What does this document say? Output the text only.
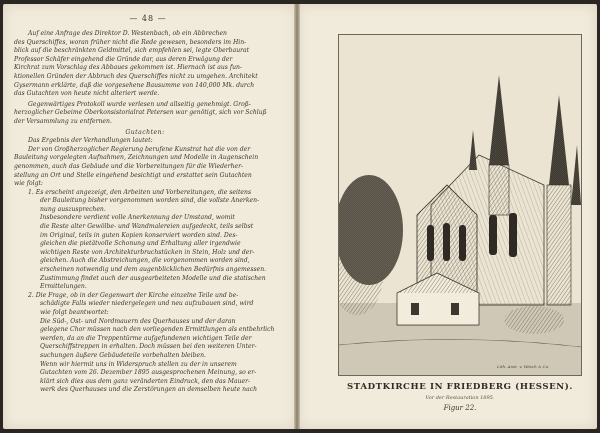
— 48 —
Auf eine Anfrage des Direktor D. Westenbach, ob ein Abbrechen
des Querschiffes, woran früher nicht die Rede gewesen, besonders im Hin-
blick auf die beschränkten Geldmittel, sich empfehlen sei, legte Oberbaurat
Professor Schäfer eingehend die Gründe dar, aus deren Erwägung der
Kirchrat zum Vorschlag des Abbaues gekommen ist. Hiernach ist aus fun-
ktionellen Gründen der Abbruch des Querschiffes nicht zu umgehen. Architekt
Gysermann erklärte, daß die vorgesehene Bausumme von 140,000 Mk. durch
das Gutachten von heute nicht alteriert werde.
Gegenwärtiges Protokoll wurde verlesen und allseitig genehmigt. Groß-
herzoglicher Gebeime Oberkonsistorialrat Petersen war genötigt, sich vor Schluß
der Versammlung zu entfernen.
Gutachten:
Das Ergebnis der Verhandlungen lautet:
Der von Großherzoglicher Regierung berufene Kunstrat hat die von der
Bauleitung vorgelegten Aufnahmen, Zeichnungen und Modelle in Augenschein
genommen, auch das Gebäude und die Vorbereitungen für die Wiederher-
stellung an Ort und Stelle eingehend besichtigt und erstattet sein Gutachten
wie folgt:
1. Es erscheint angezeigt, den Arbeiten und Vorbereitungen, die seitens
der Bauleitung bisher vorgenommen worden sind, die vollste Anerken-
nung auszusprechen.
Insbesondere verdient volle Anerkennung der Umstand, womit
die Reste alter Gewölbe- und Wandmalereien aufgedeckt, teils selbst
im Original, teils in guten Kopien konserviert worden sind. Des-
gleichen die pietätvolle Schonung und Erhaltung aller irgendwie
wichtigen Reste von Architekturbruchstücken in Stein, Holz und der-
gleichen. Auch die Abstreichungen, die vorgenommen worden sind,
erscheinen notwendig und dem augenblicklichen Bedürfnis angemessen.
Zustimmung findet auch der ausgearbeiteten Modelle und die statischen
Ermittelungen.
2. Die Frage, ob in der Gegenwart der Kirche einzelne Teile und be-
schädigte Falls wieder niedergelegen und neu aufzubauen sind, wird
wie folgt beantwortet:
Die Süd-, Ost- und Nordmauern des Querhauses und der daran
gelegene Chor müssen nach den vorliegenden Ermittlungen als entbehrlich
werden, da an die Treppentürme aufgefundenen wichtigen Teile der
Querschiffstreppen in erhalten. Doch müssen bei den weiteren Unter-
suchungen äußere Gebäudeteile vorbehalten bleiben.
Wenn wir hiermit uns in Widerspruch stellen zu der in unserem
Gutachten vom 26. Dezember 1895 ausgesprochenen Meinung, so er-
klärt sich dies aus dem ganz veränderten Eindruck, den das Mauer-
werk des Querhauses und die Zerstörungen an demselben heute nach
Lith. Anst. v. Wäsch & Co.
STADTKIRCHE IN FRIEDBERG (HESSEN).
Vor der Restauration 1895.
Figur 22.
